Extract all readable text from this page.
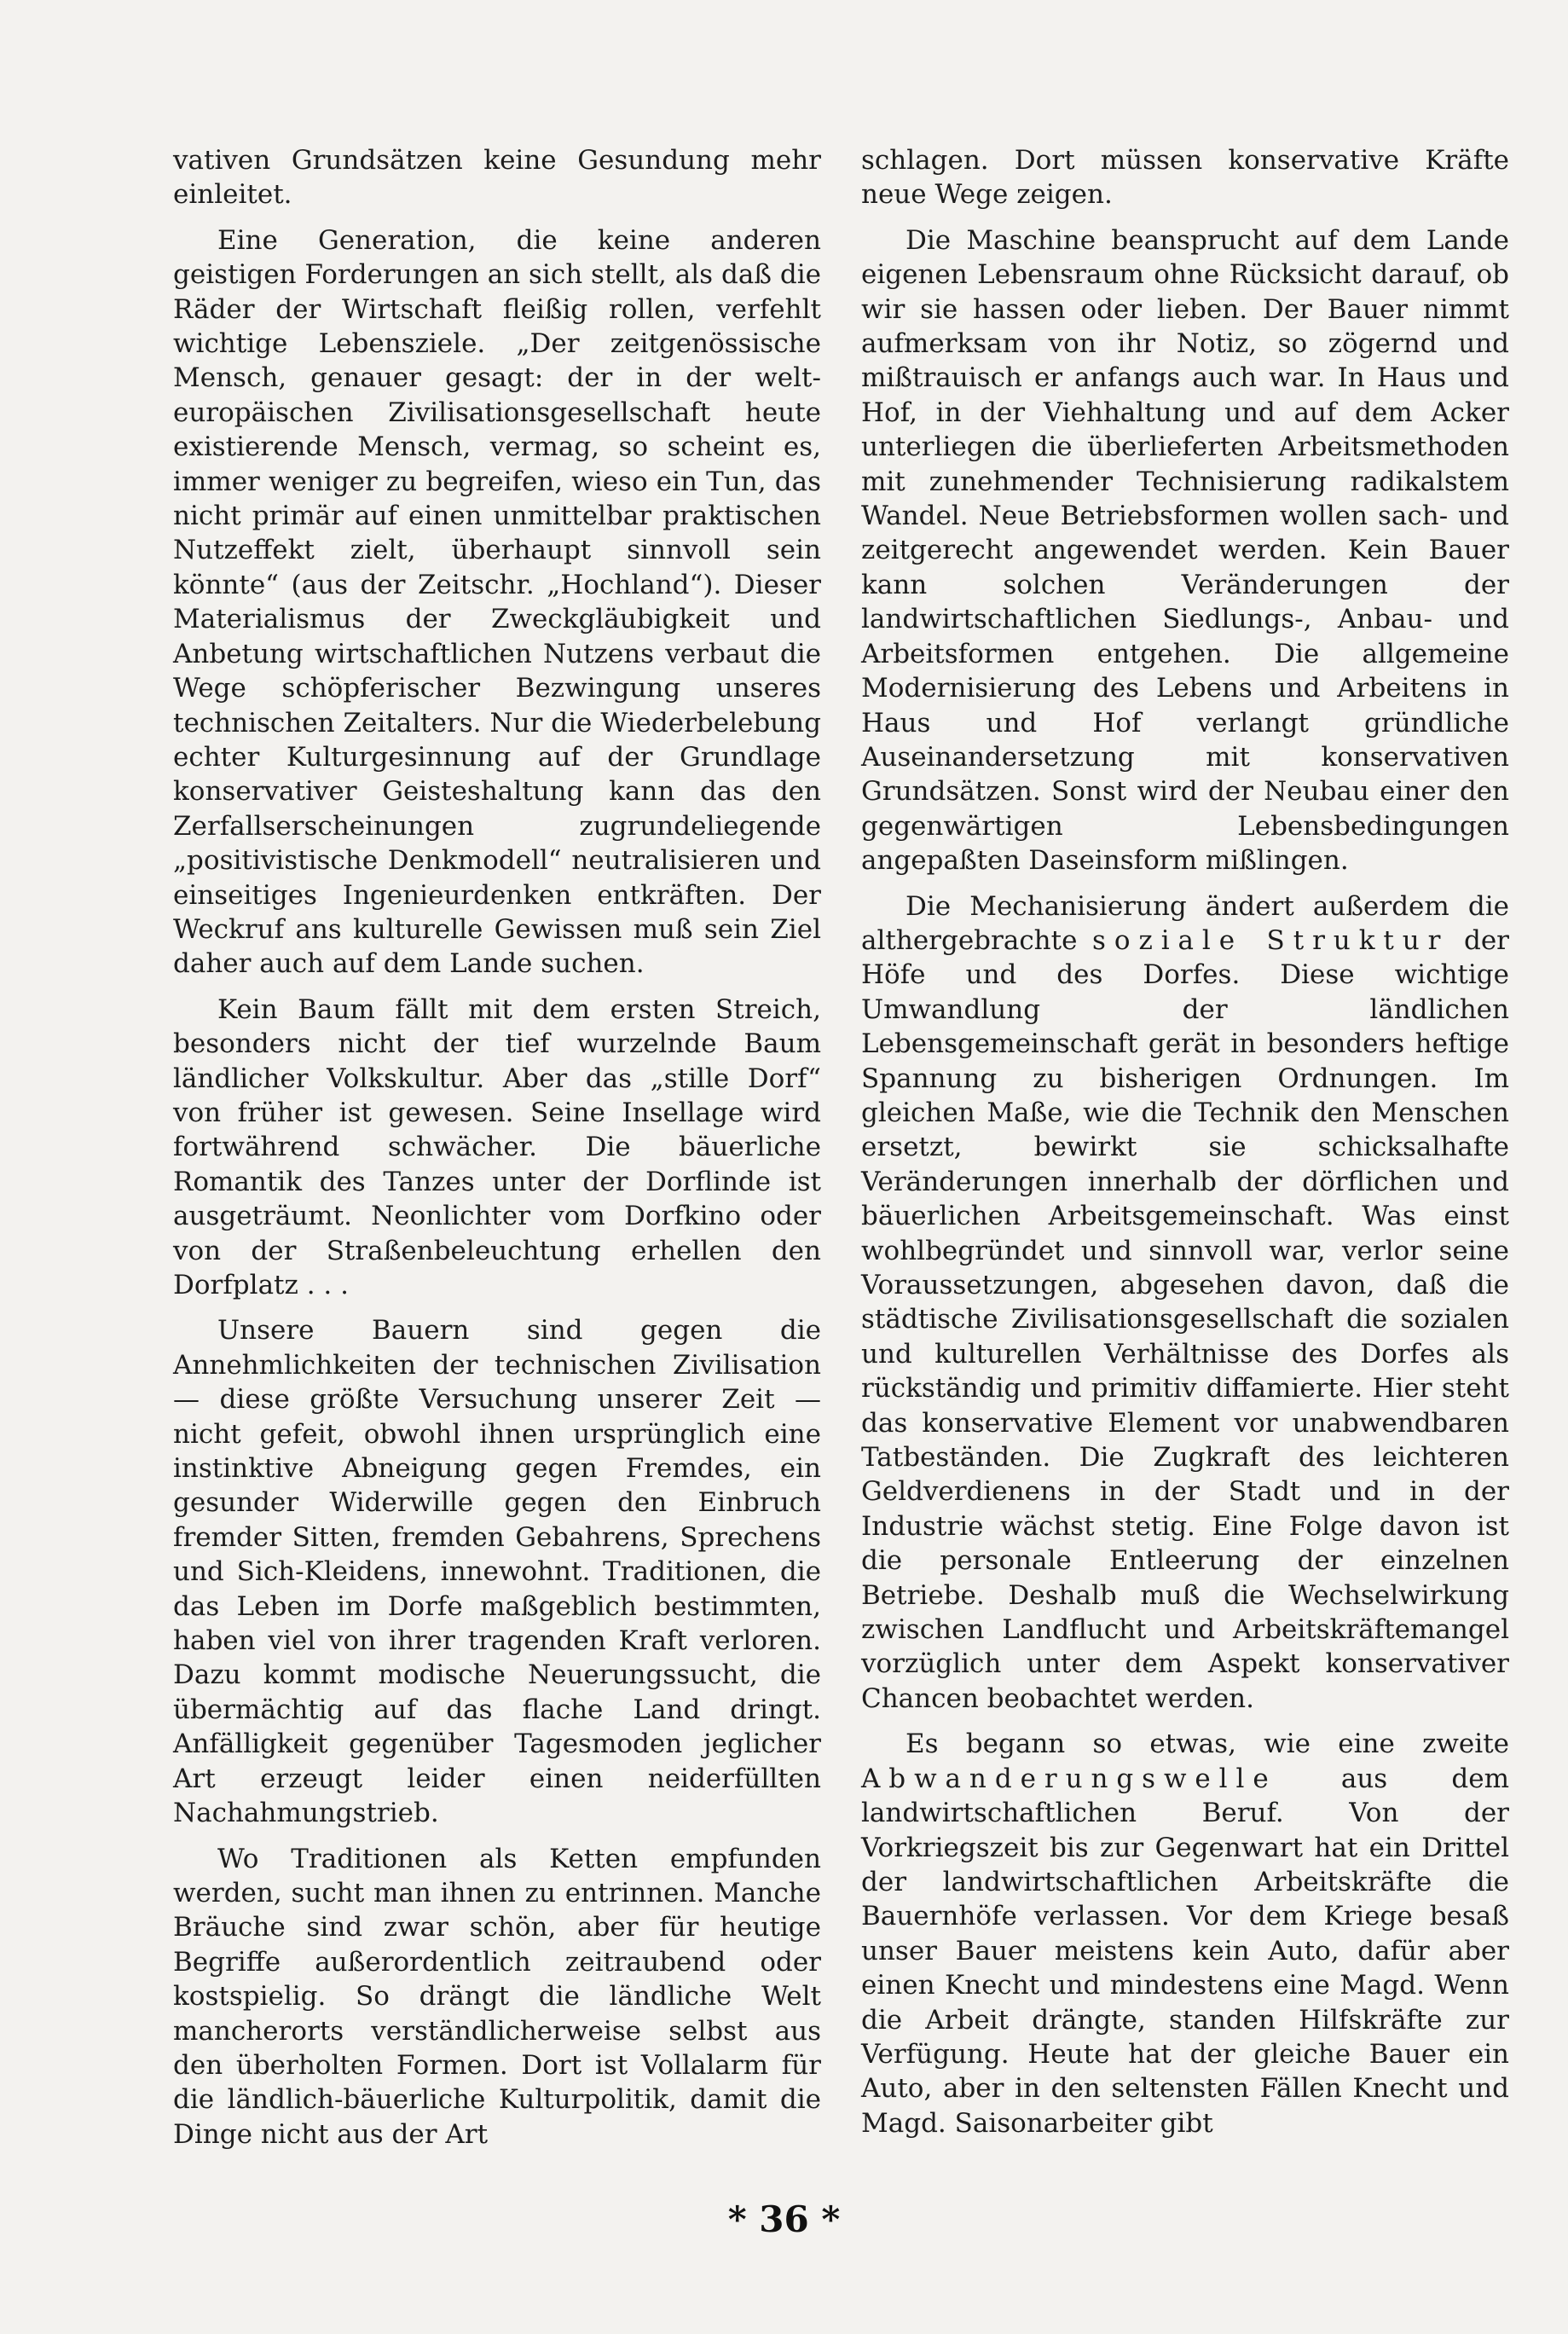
vativen Grundsätzen keine Gesundung mehr einleitet.

Eine Generation, die keine anderen geistigen Forderungen an sich stellt, als daß die Räder der Wirtschaft fleißig rollen, verfehlt wichtige Lebensziele. „Der zeitgenössische Mensch, genauer gesagt: der in der welt-europäischen Zivilisationsgesellschaft heute existierende Mensch, vermag, so scheint es, immer weniger zu begreifen, wieso ein Tun, das nicht primär auf einen unmittelbar praktischen Nutzeffekt zielt, überhaupt sinnvoll sein könnte“ (aus der Zeitschr. „Hochland“). Dieser Materialismus der Zweckgläubigkeit und Anbetung wirtschaftlichen Nutzens verbaut die Wege schöpferischer Bezwingung unseres technischen Zeitalters. Nur die Wiederbelebung echter Kulturgesinnung auf der Grundlage konservativer Geisteshaltung kann das den Zerfallserscheinungen zugrundeliegende „positivistische Denkmodell“ neutralisieren und einseitiges Ingenieurdenken entkräften. Der Weckruf ans kulturelle Gewissen muß sein Ziel daher auch auf dem Lande suchen.

Kein Baum fällt mit dem ersten Streich, besonders nicht der tief wurzelnde Baum ländlicher Volkskultur. Aber das „stille Dorf“ von früher ist gewesen. Seine Insellage wird fortwährend schwächer. Die bäuerliche Romantik des Tanzes unter der Dorflinde ist ausgeträumt. Neonlichter vom Dorfkino oder von der Straßenbeleuchtung erhellen den Dorfplatz . . .

Unsere Bauern sind gegen die Annehmlichkeiten der technischen Zivilisation — diese größte Versuchung unserer Zeit — nicht gefeit, obwohl ihnen ursprünglich eine instinktive Abneigung gegen Fremdes, ein gesunder Widerwille gegen den Einbruch fremder Sitten, fremden Gebahrens, Sprechens und Sich-Kleidens, innewohnt. Traditionen, die das Leben im Dorfe maßgeblich bestimmten, haben viel von ihrer tragenden Kraft verloren. Dazu kommt modische Neuerungssucht, die übermächtig auf das flache Land dringt. Anfälligkeit gegenüber Tagesmoden jeglicher Art erzeugt leider einen neiderfüllten Nachahmungstrieb.

Wo Traditionen als Ketten empfunden werden, sucht man ihnen zu entrinnen. Manche Bräuche sind zwar schön, aber für heutige Begriffe außerordentlich zeitraubend oder kostspielig. So drängt die ländliche Welt mancherorts verständlicherweise selbst aus den überholten Formen. Dort ist Vollalarm für die ländlich-bäuerliche Kulturpolitik, damit die Dinge nicht aus der Art

schlagen. Dort müssen konservative Kräfte neue Wege zeigen.

Die Maschine beansprucht auf dem Lande eigenen Lebensraum ohne Rücksicht darauf, ob wir sie hassen oder lieben. Der Bauer nimmt aufmerksam von ihr Notiz, so zögernd und mißtrauisch er anfangs auch war. In Haus und Hof, in der Viehhaltung und auf dem Acker unterliegen die überlieferten Arbeitsmethoden mit zunehmender Technisierung radikalstem Wandel. Neue Betriebsformen wollen sach- und zeitgerecht angewendet werden. Kein Bauer kann solchen Veränderungen der landwirtschaftlichen Siedlungs-, Anbau- und Arbeitsformen entgehen. Die allgemeine Modernisierung des Lebens und Arbeitens in Haus und Hof verlangt gründliche Auseinandersetzung mit konservativen Grundsätzen. Sonst wird der Neubau einer den gegenwärtigen Lebensbedingungen angepaßten Daseinsform mißlingen.

Die Mechanisierung ändert außerdem die althergebrachte soziale Struktur der Höfe und des Dorfes. Diese wichtige Umwandlung der ländlichen Lebensgemeinschaft gerät in besonders heftige Spannung zu bisherigen Ordnungen. Im gleichen Maße, wie die Technik den Menschen ersetzt, bewirkt sie schicksalhafte Veränderungen innerhalb der dörflichen und bäuerlichen Arbeitsgemeinschaft. Was einst wohlbegründet und sinnvoll war, verlor seine Voraussetzungen, abgesehen davon, daß die städtische Zivilisationsgesellschaft die sozialen und kulturellen Verhältnisse des Dorfes als rückständig und primitiv diffamierte. Hier steht das konservative Element vor unabwendbaren Tatbeständen. Die Zugkraft des leichteren Geldverdienens in der Stadt und in der Industrie wächst stetig. Eine Folge davon ist die personale Entleerung der einzelnen Betriebe. Deshalb muß die Wechselwirkung zwischen Landflucht und Arbeitskräftemangel vorzüglich unter dem Aspekt konservativer Chancen beobachtet werden.

Es begann so etwas, wie eine zweite Abwanderungswelle aus dem landwirtschaftlichen Beruf. Von der Vorkriegszeit bis zur Gegenwart hat ein Drittel der landwirtschaftlichen Arbeitskräfte die Bauernhöfe verlassen. Vor dem Kriege besaß unser Bauer meistens kein Auto, dafür aber einen Knecht und mindestens eine Magd. Wenn die Arbeit drängte, standen Hilfskräfte zur Verfügung. Heute hat der gleiche Bauer ein Auto, aber in den seltensten Fällen Knecht und Magd. Saisonarbeiter gibt

* 36 *
